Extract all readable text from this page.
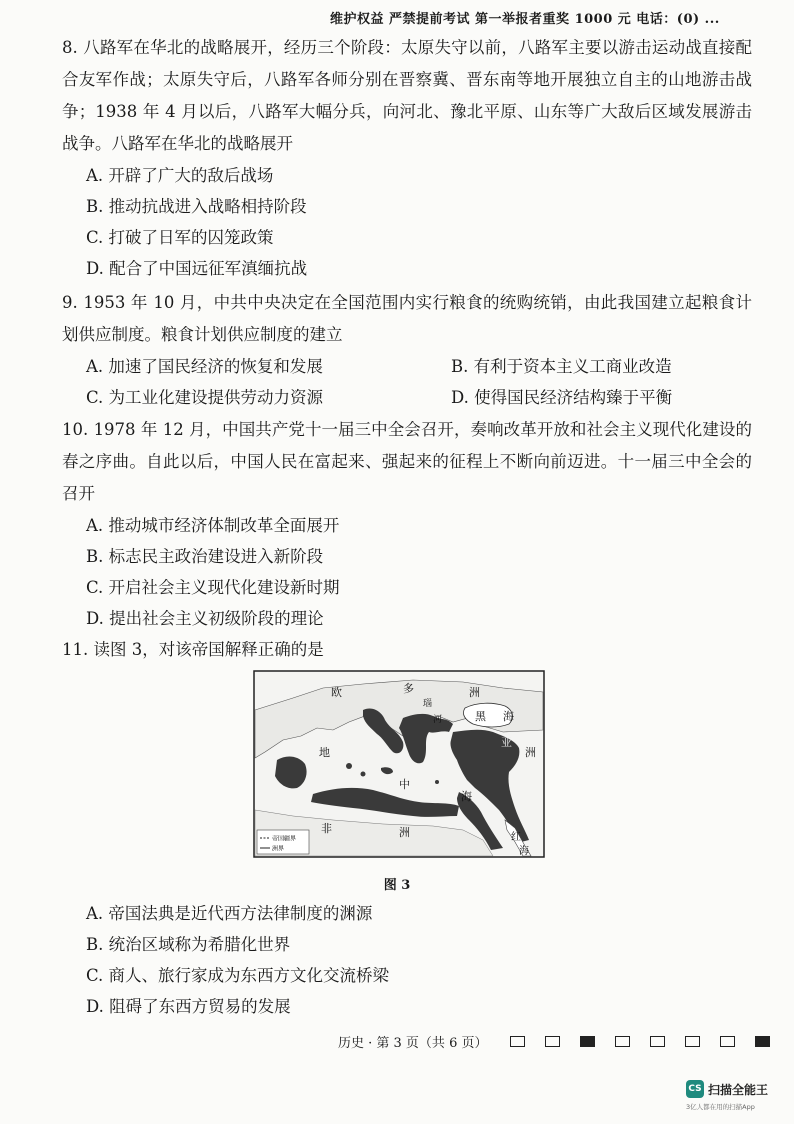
维护权益 严禁提前考试 第一举报者重奖 1000 元 电话：(0) ...
8. 八路军在华北的战略展开，经历三个阶段：太原失守以前，八路军主要以游击运动战直接配合友军作战；太原失守后，八路军各师分别在晋察冀、晋东南等地开展独立自主的山地游击战争；1938 年 4 月以后，八路军大幅分兵，向河北、豫北平原、山东等广大敌后区域发展游击战争。八路军在华北的战略展开
A. 开辟了广大的敌后战场
B. 推动抗战进入战略相持阶段
C. 打破了日军的囚笼政策
D. 配合了中国远征军滇缅抗战
9. 1953 年 10 月，中共中央决定在全国范围内实行粮食的统购统销，由此我国建立起粮食计划供应制度。粮食计划供应制度的建立
A. 加速了国民经济的恢复和发展	B. 有利于资本主义工商业改造
C. 为工业化建设提供劳动力资源	D. 使得国民经济结构臻于平衡
10. 1978 年 12 月，中国共产党十一届三中全会召开，奏响改革开放和社会主义现代化建设的春之序曲。自此以后，中国人民在富起来、强起来的征程上不断向前迈进。十一届三中全会的召开
A. 推动城市经济体制改革全面展开
B. 标志民主政治建设进入新阶段
C. 开启社会主义现代化建设新时期
D. 提出社会主义初级阶段的理论
11. 读图 3，对该帝国解释正确的是
帝国疆界
洲界
欧	多	洲
瑙
河	黑 海
亚
洲
地
中
海
非	洲	红
海
图 3
A. 帝国法典是近代西方法律制度的渊源
B. 统治区域称为希腊化世界
C. 商人、旅行家成为东西方文化交流桥梁
D. 阻碍了东西方贸易的发展
历史 · 第 3 页（共 6 页）
CS 扫描全能王
3亿人都在用的扫描App
